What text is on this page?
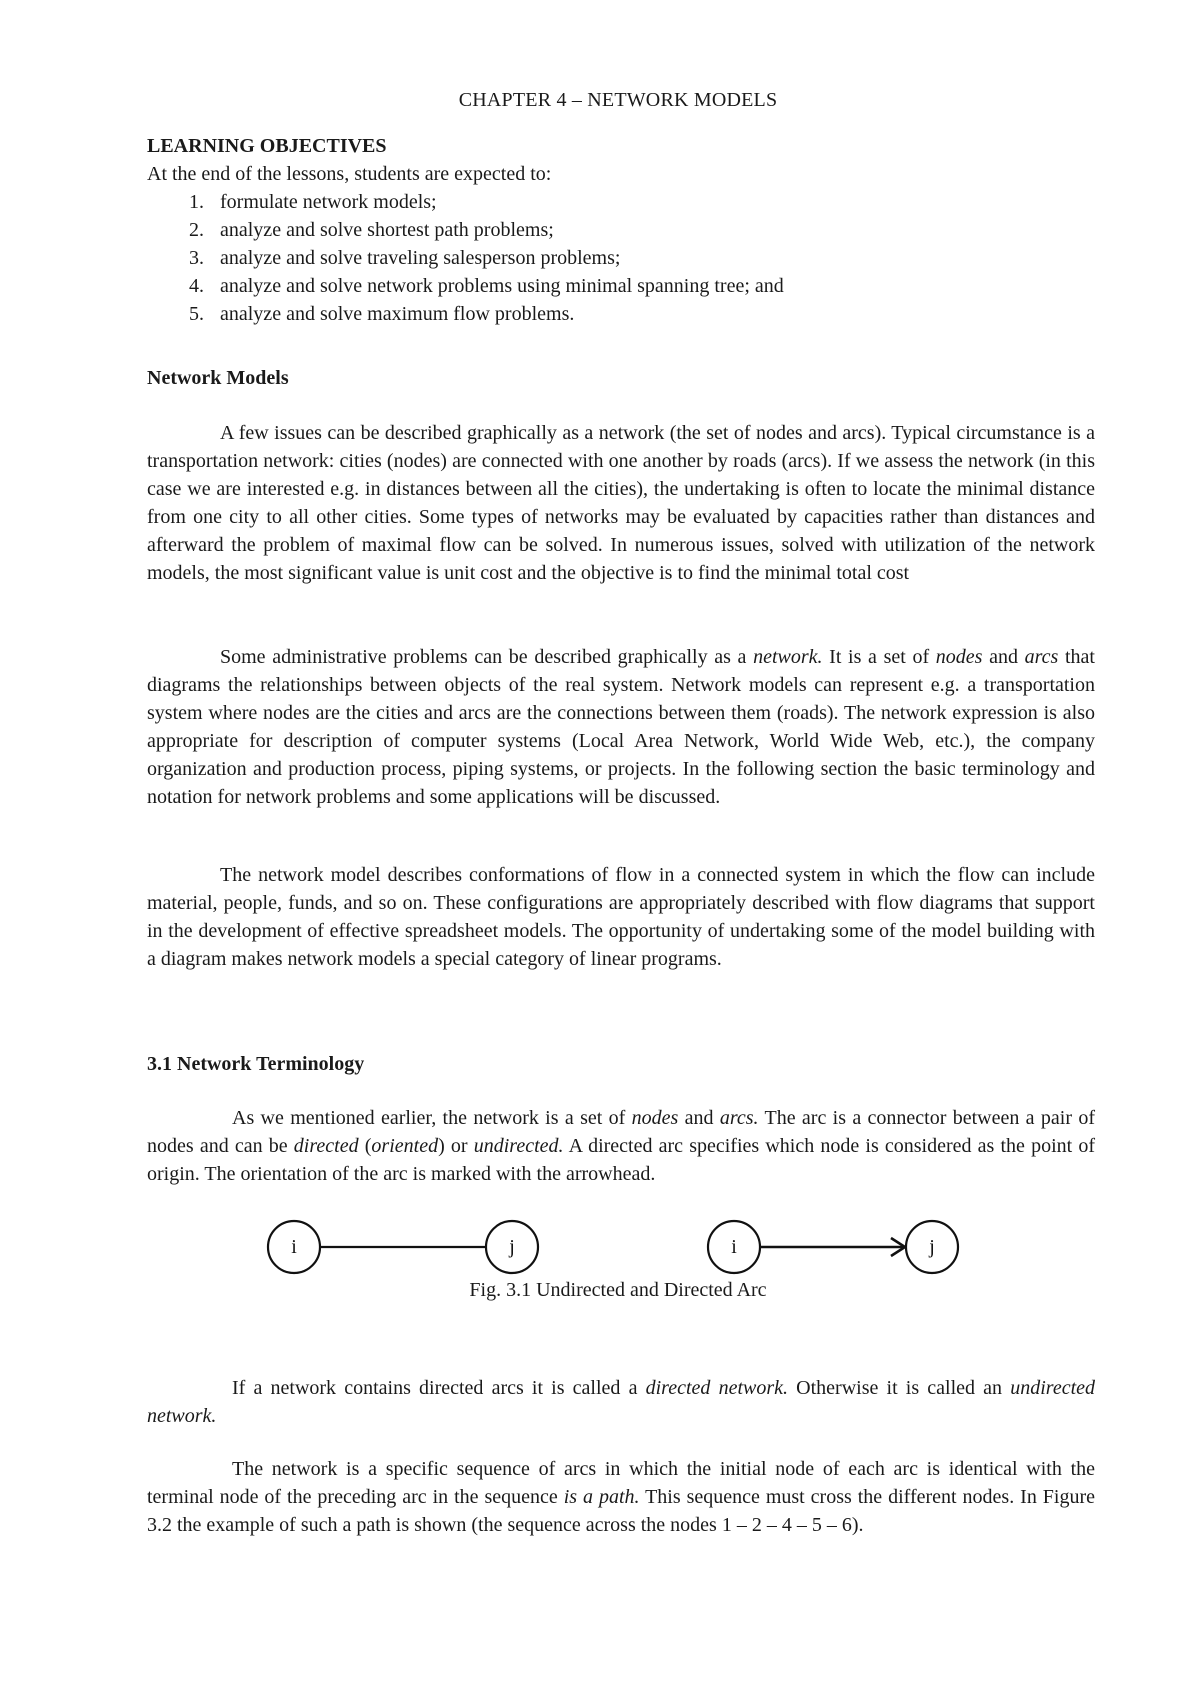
CHAPTER 4 – NETWORK MODELS
LEARNING OBJECTIVES

At the end of the lessons, students are expected to:

1. formulate network models;
2. analyze and solve shortest path problems;
3. analyze and solve traveling salesperson problems;
4. analyze and solve network problems using minimal spanning tree; and
5. analyze and solve maximum flow problems.
Network Models

A few issues can be described graphically as a network (the set of nodes and arcs). Typical circumstance is a transportation network: cities (nodes) are connected with one another by roads (arcs). If we assess the network (in this case we are interested e.g. in distances between all the cities), the undertaking is often to locate the minimal distance from one city to all other cities. Some types of networks may be evaluated by capacities rather than distances and afterward the problem of maximal flow can be solved. In numerous issues, solved with utilization of the network models, the most significant value is unit cost and the objective is to find the minimal total cost

Some administrative problems can be described graphically as a network. It is a set of nodes and arcs that diagrams the relationships between objects of the real system. Network models can represent e.g. a transportation system where nodes are the cities and arcs are the connections between them (roads). The network expression is also appropriate for description of computer systems (Local Area Network, World Wide Web, etc.), the company organization and production process, piping systems, or projects. In the following section the basic terminology and notation for network problems and some applications will be discussed.

The network model describes conformations of flow in a connected system in which the flow can include material, people, funds, and so on. These configurations are appropriately described with flow diagrams that support in the development of effective spreadsheet models. The opportunity of undertaking some of the model building with a diagram makes network models a special category of linear programs.

3.1 Network Terminology

As we mentioned earlier, the network is a set of nodes and arcs. The arc is a connector between a pair of nodes and can be directed (oriented) or undirected. A directed arc specifies which node is considered as the point of origin. The orientation of the arc is marked with the arrowhead.

i	j	i	j
Fig. 3.1 Undirected and Directed Arc

If a network contains directed arcs it is called a directed network. Otherwise it is called an undirected network.

The network is a specific sequence of arcs in which the initial node of each arc is identical with the terminal node of the preceding arc in the sequence is a path. This sequence must cross the different nodes. In Figure 3.2 the example of such a path is shown (the sequence across the nodes 1 – 2 – 4 – 5 – 6).
